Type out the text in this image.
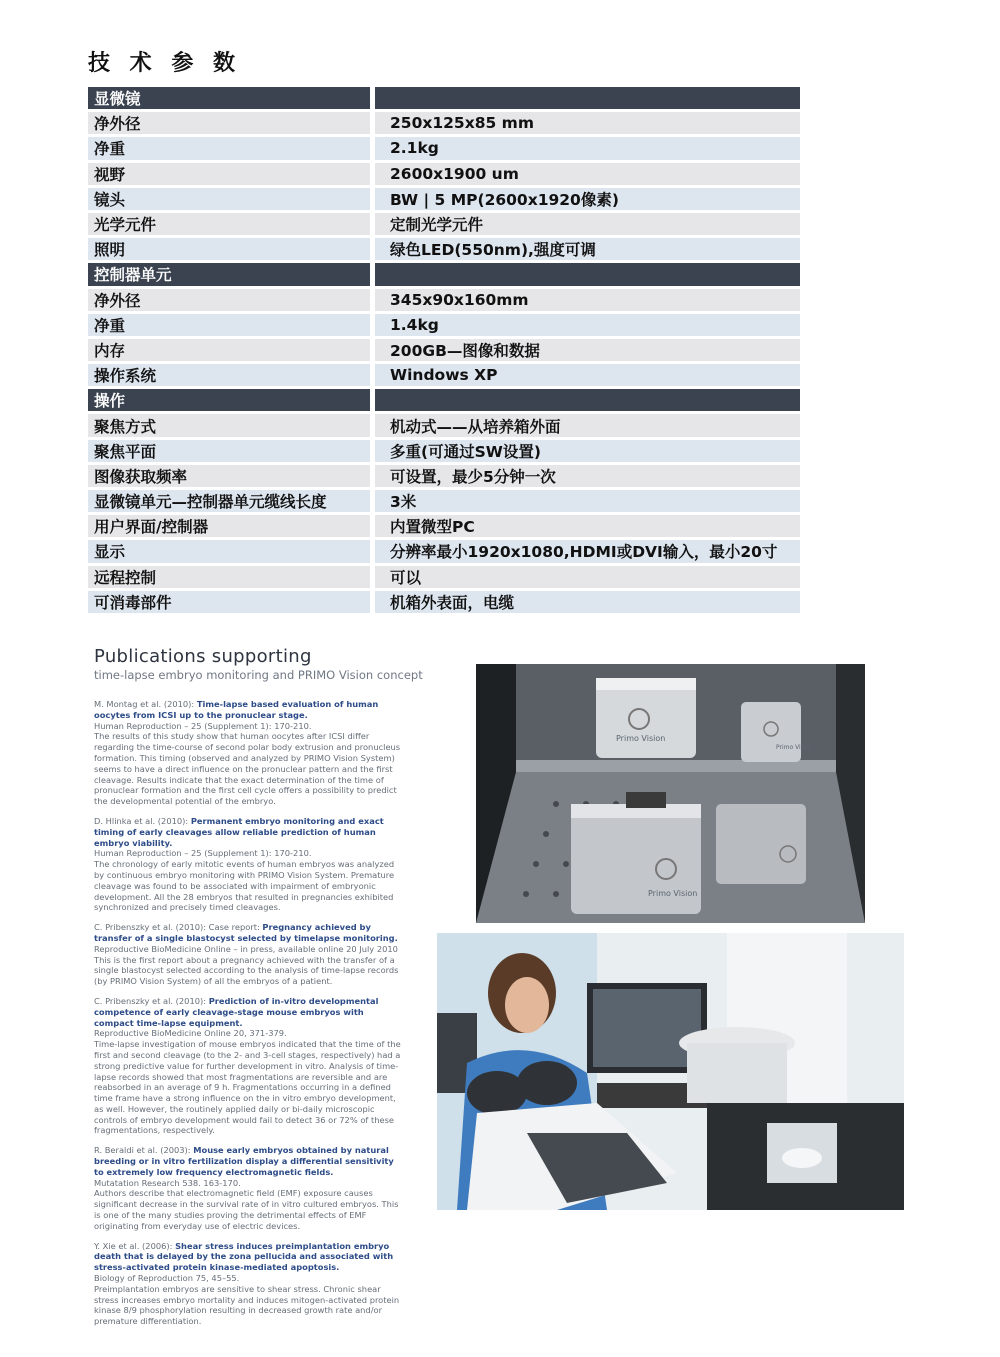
技 术 参 数
显微镜
净外径	250x125x85 mm
净重	2.1kg
视野	2600x1900 um
镜头	BW | 5 MP(2600x1920像素)
光学元件	定制光学元件
照明	绿色LED(550nm),强度可调
控制器单元
净外径	345x90x160mm
净重	1.4kg
内存	200GB—图像和数据
操作系统	Windows XP
操作
聚焦方式	机动式——从培养箱外面
聚焦平面	多重(可通过SW设置)
图像获取频率	可设置，最少5分钟一次
显微镜单元—控制器单元缆线长度	3米
用户界面/控制器	内置微型PC
显示	分辨率最小1920x1080,HDMI或DVI输入，最小20寸
远程控制	可以
可消毒部件	机箱外表面，电缆
Publications supporting
time-lapse embryo monitoring and PRIMO Vision concept
M. Montag et al. (2010): Time-lapse based evaluation of human oocytes from ICSI up to the pronuclear stage.
Human Reproduction – 25 (Supplement 1): 170-210.
The results of this study show that human oocytes after ICSI differ regarding the time-course of second polar body extrusion and pronucleus formation. This timing (observed and analyzed by PRIMO Vision System) seems to have a direct influence on the pronuclear pattern and the first cleavage. Results indicate that the exact determination of the time of pronuclear formation and the first cell cycle offers a possibility to predict the developmental potential of the embryo.
D. Hlinka et al. (2010): Permanent embryo monitoring and exact timing of early cleavages allow reliable prediction of human embryo viability.
Human Reproduction – 25 (Supplement 1): 170-210.
The chronology of early mitotic events of human embryos was analyzed by continuous embryo monitoring with PRIMO Vision System. Premature cleavage was found to be associated with impairment of embryonic development. All the 28 embryos that resulted in pregnancies exhibited synchronized and precisely timed cleavages.
C. Pribenszky et al. (2010): Case report: Pregnancy achieved by transfer of a single blastocyst selected by timelapse monitoring.
Reproductive BioMedicine Online – in press, available online 20 July 2010
This is the first report about a pregnancy achieved with the transfer of a single blastocyst selected according to the analysis of time-lapse records (by PRIMO Vision System) of all the embryos of a patient.
C. Pribenszky et al. (2010): Prediction of in-vitro developmental competence of early cleavage-stage mouse embryos with compact time-lapse equipment.
Reproductive BioMedicine Online 20, 371-379.
Time-lapse investigation of mouse embryos indicated that the time of the first and second cleavage (to the 2- and 3-cell stages, respectively) had a strong predictive value for further development in vitro. Analysis of time-lapse records showed that most fragmentations are reversible and are reabsorbed in an average of 9 h. Fragmentations occurring in a defined time frame have a strong influence on the in vitro embryo development, as well. However, the routinely applied daily or bi-daily microscopic controls of embryo development would fail to detect 36 or 72% of these fragmentations, respectively.
R. Beraldi et al. (2003): Mouse early embryos obtained by natural breeding or in vitro fertilization display a differential sensitivity to extremely low frequency electromagnetic fields.
Mutatation Research 538. 163-170.
Authors describe that electromagnetic field (EMF) exposure causes significant decrease in the survival rate of in vitro cultured embryos. This is one of the many studies proving the detrimental effects of EMF originating from everyday use of electric devices.
Y. Xie et al. (2006): Shear stress induces preimplantation embryo death that is delayed by the zona pellucida and associated with stress-activated protein kinase-mediated apoptosis.
Biology of Reproduction 75, 45–55.
Preimplantation embryos are sensitive to shear stress. Chronic shear stress increases embryo mortality and induces mitogen-activated protein kinase 8/9 phosphorylation resulting in decreased growth rate and/or premature differentiation.
Primo Vision
Primo Vision
Primo Vision
